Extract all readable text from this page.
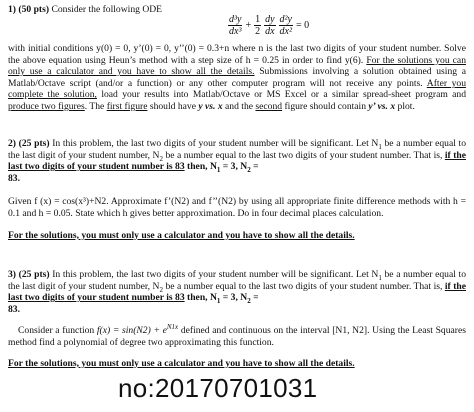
1) (50 pts) Consider the following ODE

$\frac{\text{d³y}}{\text{dx³}} + \frac{1}{2} \frac{dy}{dx} \frac{\text{d²y}}{\text{dx²}} = 0$

with initial conditions y(0) = 0, y’(0) = 0, y’’(0) = 0.3+n where n is the last two digits of your student number. Solve the above equation using Heun’s method with a step size of h = 0.25 in order to find y(6). For the solutions you can only use a calculator and you have to show all the details. Submissions involving a solution obtained using a Matlab/Octave script (and/or a function) or any other computer program will not receive any points. After you complete the solution, load your results into Matlab/Octave or MS Excel or a similar spread-sheet program and produce two figures. The first figure should have y vs. x and the second figure should contain y’ vs. x plot.

2) (25 pts) In this problem, the last two digits of your student number will be significant. Let $N_1$ be a number equal to the last digit of your student number, $N_2$ be a number equal to the last two digits of your student number. That is, if the last two digits of your student number is 83 then, $N_1 = 3$, $N_2$ =
83.

Given f (x) = cos(x³)+N2. Approximate f’(N2) and f’’(N2) by using all appropriate finite difference methods with h = 0.1 and h = 0.05. State which h gives better approximation. Do in four decimal places calculation.

For the solutions, you must only use a calculator and you have to show all the details.

3) (25 pts) In this problem, the last two digits of your student number will be significant. Let $N_1$ be a number equal to the last digit of your student number, $N_2$ be a number equal to the last two digits of your student number. That is, if the last two digits of your student number is 83 then, $N_1 = 3$, $N_2$ =
83.

Consider a function $f(x) = \sin(N2) + e^{N1x}$ defined and continuous on the interval [N1, N2]. Using the Least Squares method find a polynomial of degree two approximating this function.

For the solutions, you must only use a calculator and you have to show all the details.

no:20170701031
